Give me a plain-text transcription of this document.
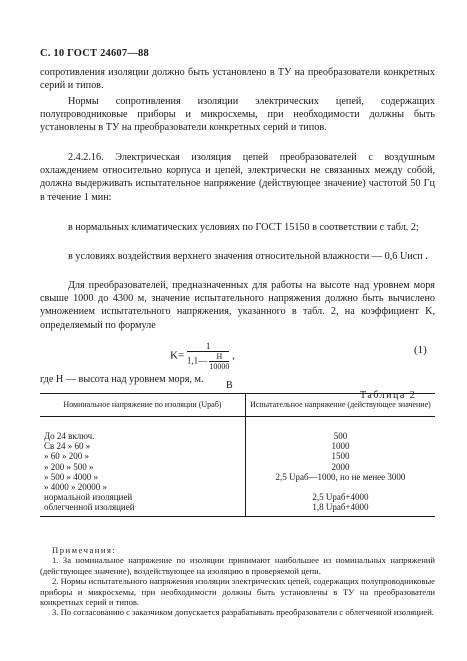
С. 10 ГОСТ 24607—88
сопротивления изоляции должно быть установлено в ТУ на преобразователи конкретных серий и типов.
Нормы сопротивления изоляции электрических цепей, содержащих полупроводниковые приборы и микросхемы, при необходимости должны быть установлены в ТУ на преобразователи конкретных серий и типов.
2.4.2.16. Электрическая изоляция цепей преобразователей с воздушным охлаждением относительно корпуса и цепей, электрически не связанных между собой, должна выдерживать испытательное напряжение (действующее значение) частотой 50 Гц в течение 1 мин:
в нормальных климатических условиях по ГОСТ 15150 в соответствии с табл. 2;
в условиях воздействия верхнего значения относительной влажности — 0,6 Uисп .
Для преобразователей, предназначенных для работы на высоте над уровнем моря свыше 1000 до 4300 м, значение испытательного напряжения должно быть вычислено умножением испытательного напряжения, указанного в табл. 2, на коэффициент K, определяемый по формуле
$K= \frac{1}{1,1— \frac{H}{10000}}$ ,	(1)
где H — высота над уровнем моря, м.
В
Таблица 2
Номинальное напряжение по изоляции (Uраб)	Испытательное напряжение (действующее значение)

До 24 включ.	500
Св 24 » 60 »	1000
» 60 » 200 »	1500
» 200 » 500 »	2000
» 500 » 4000 »	2,5 Uраб—1000, но не менее 3000
» 4000 » 20000 »	
нормальной изоляцией	2,5 Uраб+4000
облегченной изоляцией	1,8 Uраб+4000
Примечания:
1. За номинальное напряжение по изоляции принимают наибольшее из номинальных напряжений (действующее значение), воздействующее на изоляцию в проверяемой цепи.
2. Нормы испытательного напряжения изоляции электрических цепей, содержащих полупроводниковые приборы и микросхемы, при необходимости должны быть установлены в ТУ на преобразователи конкретных серий и типов.
3. По согласованию с заказчиком допускается разрабатывать преобразователи с облегченной изоляцией.
